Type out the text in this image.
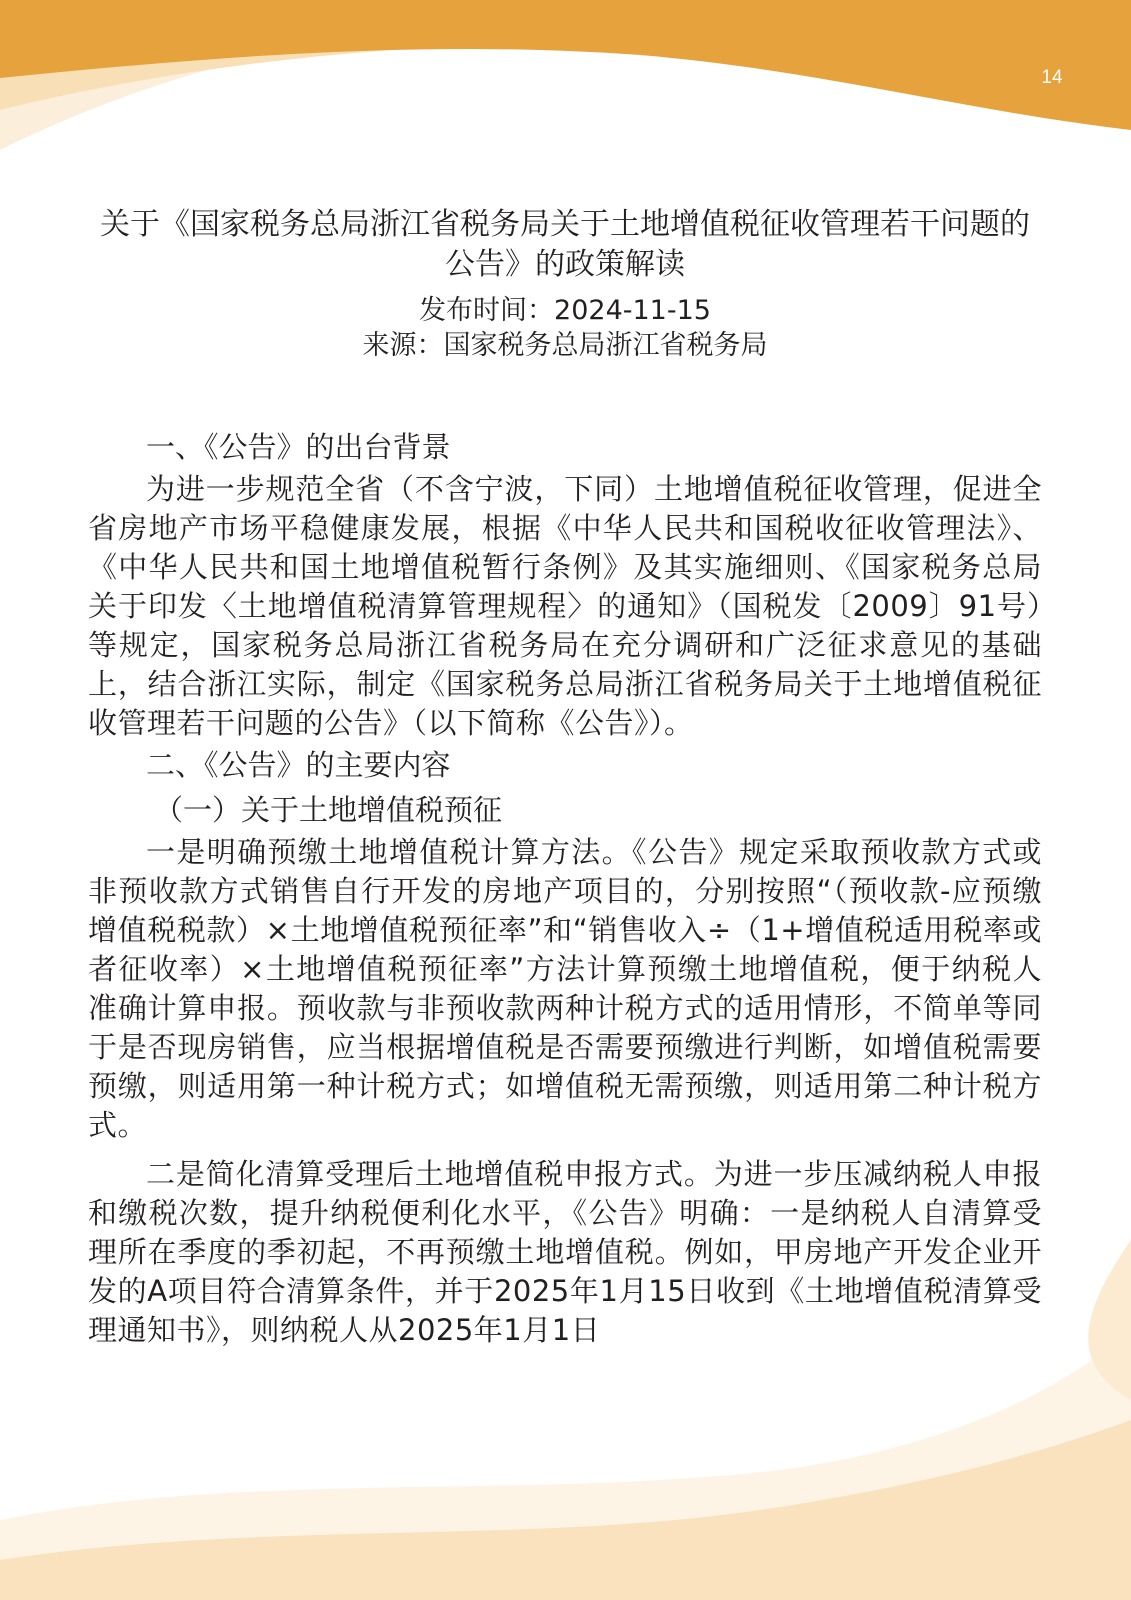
14
关于《国家税务总局浙江省税务局关于土地增值税征收管理若干问题的公告》的政策解读
发布时间：2024-11-15
来源：国家税务总局浙江省税务局

一、《公告》的出台背景

为进一步规范全省（不含宁波，下同）土地增值税征收管理，促进全省房地产市场平稳健康发展，根据《中华人民共和国税收征收管理法》、《中华人民共和国土地增值税暂行条例》及其实施细则、《国家税务总局关于印发〈土地增值税清算管理规程〉的通知》（国税发〔2009〕91号）等规定，国家税务总局浙江省税务局在充分调研和广泛征求意见的基础上，结合浙江实际，制定《国家税务总局浙江省税务局关于土地增值税征收管理若干问题的公告》（以下简称《公告》）。

二、《公告》的主要内容

（一）关于土地增值税预征

一是明确预缴土地增值税计算方法。《公告》规定采取预收款方式或非预收款方式销售自行开发的房地产项目的，分别按照“（预收款-应预缴增值税税款）×土地增值税预征率”和“销售收入÷（1+增值税适用税率或者征收率）×土地增值税预征率”方法计算预缴土地增值税，便于纳税人准确计算申报。预收款与非预收款两种计税方式的适用情形，不简单等同于是否现房销售，应当根据增值税是否需要预缴进行判断，如增值税需要预缴，则适用第一种计税方式；如增值税无需预缴，则适用第二种计税方式。

二是简化清算受理后土地增值税申报方式。为进一步压减纳税人申报和缴税次数，提升纳税便利化水平，《公告》明确：一是纳税人自清算受理所在季度的季初起，不再预缴土地增值税。例如，甲房地产开发企业开发的A项目符合清算条件，并于2025年1月15日收到《土地增值税清算受理通知书》，则纳税人从2025年1月1日
